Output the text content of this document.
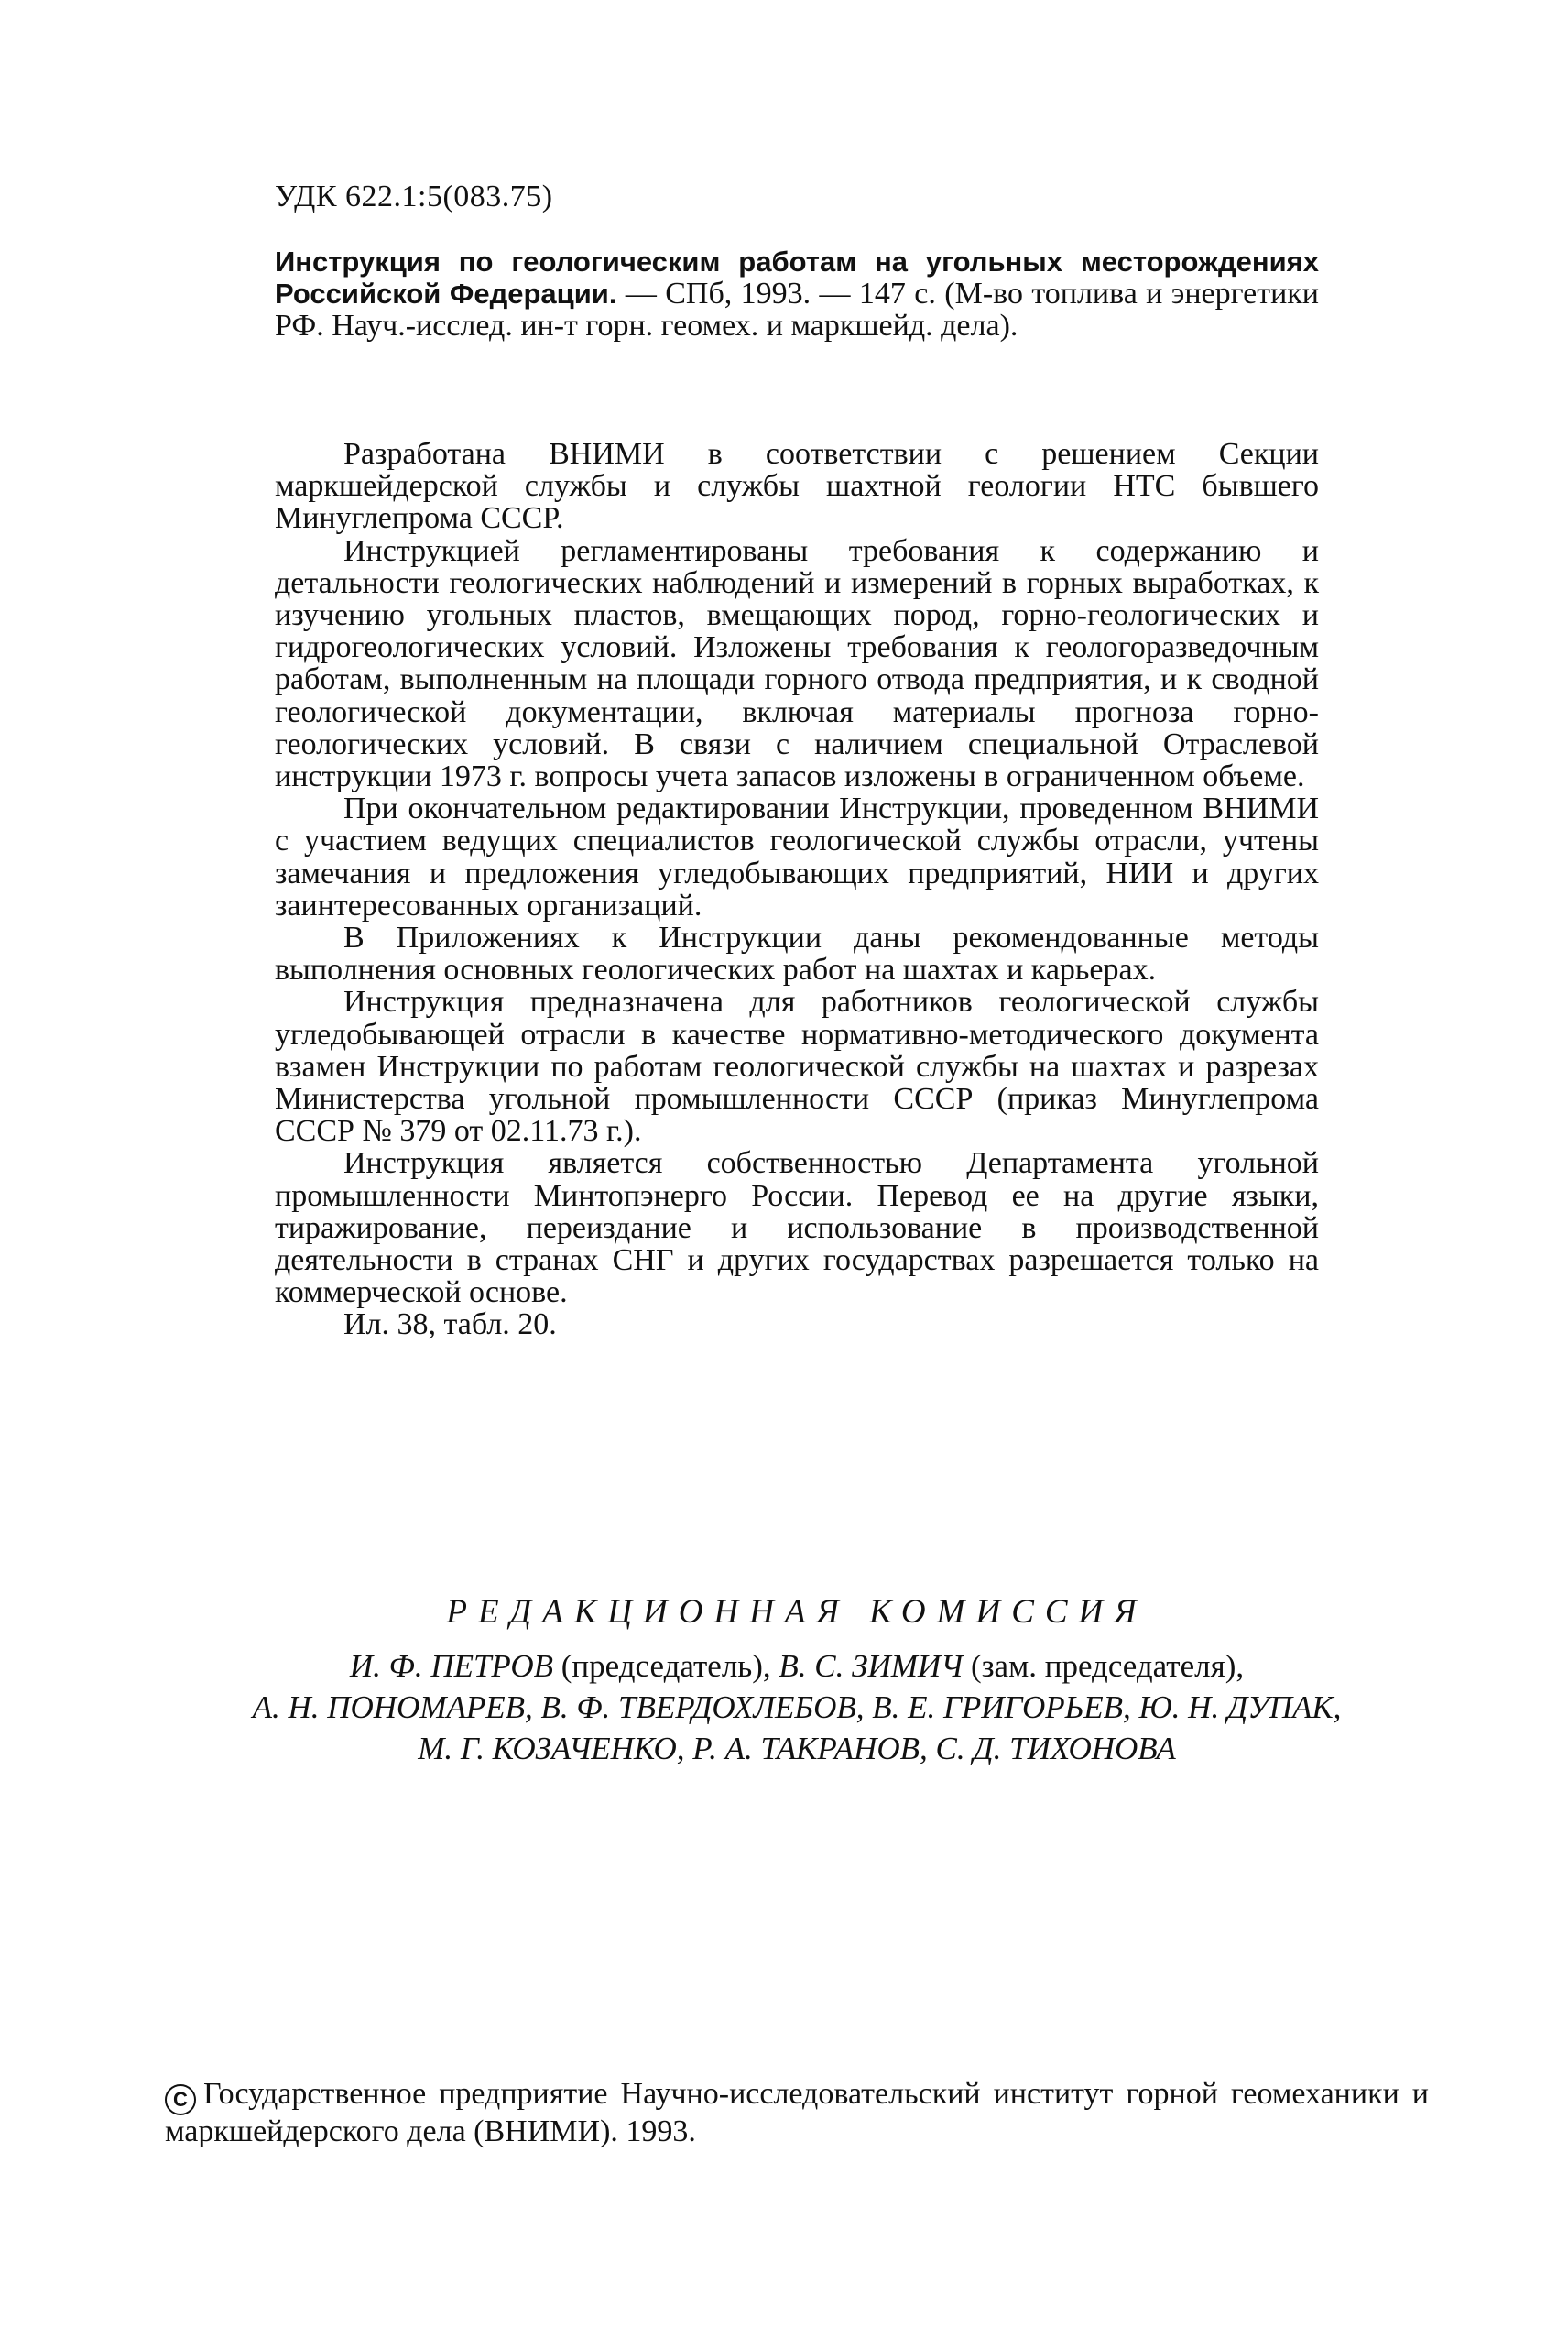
УДК 622.1:5(083.75)
Инструкция по геологическим работам на угольных месторождениях Российской Федерации. — СПб, 1993. — 147 с. (М-во топлива и энергетики РФ. Науч.-исслед. ин-т горн. геомех. и маркшейд. дела).

Разработана ВНИМИ в соответствии с решением Секции маркшейдерской службы и службы шахтной геологии НТС бывшего Минуглепрома СССР.

Инструкцией регламентированы требования к содержанию и детальности геологических наблюдений и измерений в горных выработках, к изучению угольных пластов, вмещающих пород, горно-геологических и гидрогеологических условий. Изложены требования к геологоразведочным работам, выполненным на площади горного отвода предприятия, и к сводной геологической документации, включая материалы прогноза горно-геологических условий. В связи с наличием специальной Отраслевой инструкции 1973 г. вопросы учета запасов изложены в ограниченном объеме.

При окончательном редактировании Инструкции, проведенном ВНИМИ с участием ведущих специалистов геологической службы отрасли, учтены замечания и предложения угледобывающих предприятий, НИИ и других заинтересованных организаций.

В Приложениях к Инструкции даны рекомендованные методы выполнения основных геологических работ на шахтах и карьерах.

Инструкция предназначена для работников геологической службы угледобывающей отрасли в качестве нормативно-методического документа взамен Инструкции по работам геологической службы на шахтах и разрезах Министерства угольной промышленности СССР (приказ Минуглепрома СССР № 379 от 02.11.73 г.).

Инструкция является собственностью Департамента угольной промышленности Минтопэнерго России. Перевод ее на другие языки, тиражирование, переиздание и использование в производственной деятельности в странах СНГ и других государствах разрешается только на коммерческой основе.

Ил. 38, табл. 20.

РЕДАКЦИОННАЯ КОМИССИЯ
И. Ф. ПЕТРОВ (председатель), В. С. ЗИМИЧ (зам. председателя),
А. Н. ПОНОМАРЕВ, В. Ф. ТВЕРДОХЛЕБОВ, В. Е. ГРИГОРЬЕВ, Ю. Н. ДУПАК,
М. Г. КОЗАЧЕНКО, Р. А. ТАКРАНОВ, С. Д. ТИХОНОВА
C Государственное предприятие Научно-исследовательский институт горной геомеханики и маркшейдерского дела (ВНИМИ). 1993.
